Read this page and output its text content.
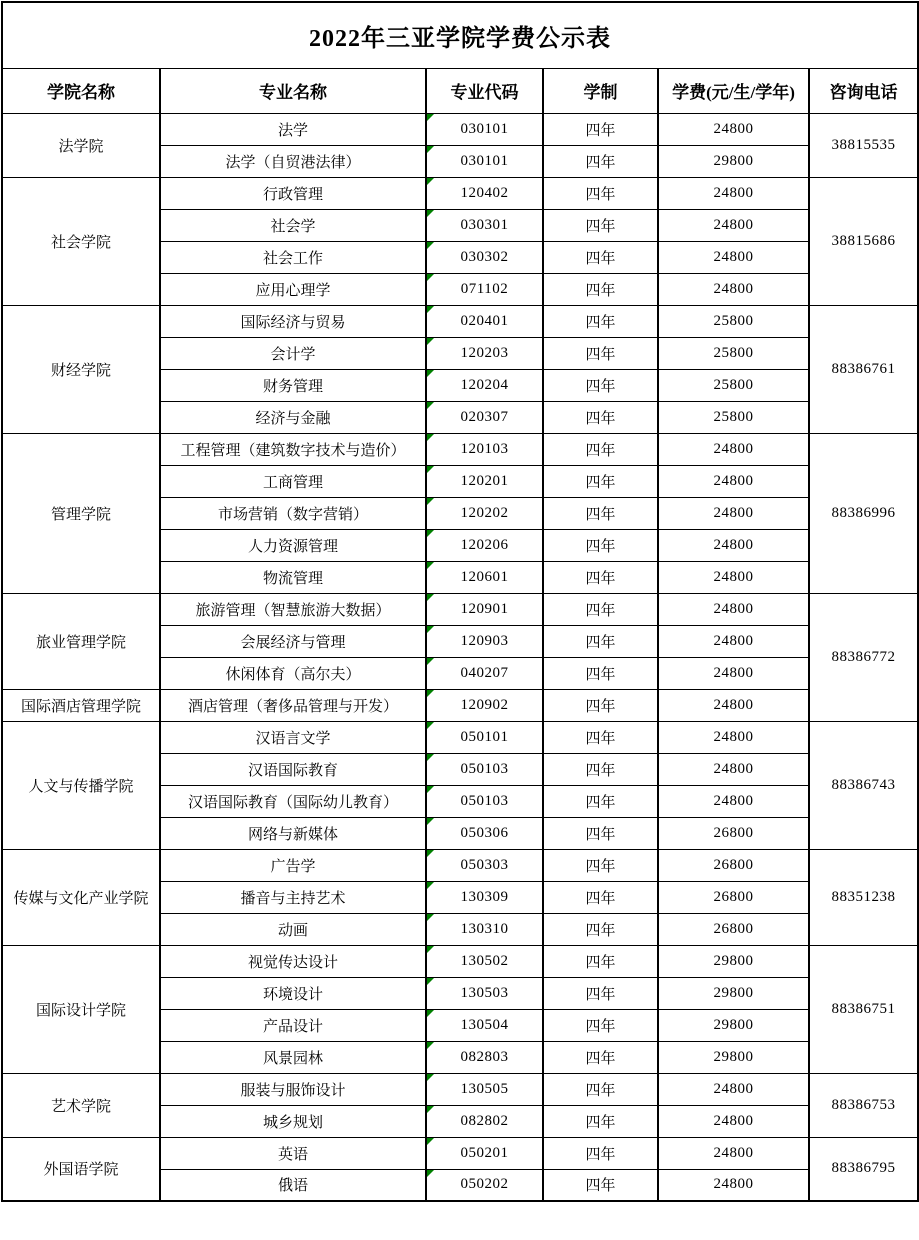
2022年三亚学院学费公示表					
学院名称	专业名称	专业代码	学制	学费(元/生/学年)	咨询电话
法学院	法学	030101	四年	24800	38815535
	法学（自贸港法律）	030101	四年	29800	
社会学院	行政管理	120402	四年	24800	38815686
	社会学	030301	四年	24800	
	社会工作	030302	四年	24800	
	应用心理学	071102	四年	24800	
财经学院	国际经济与贸易	020401	四年	25800	88386761
	会计学	120203	四年	25800	
	财务管理	120204	四年	25800	
	经济与金融	020307	四年	25800	
管理学院	工程管理（建筑数字技术与造价）	120103	四年	24800	88386996
	工商管理	120201	四年	24800	
	市场营销（数字营销）	120202	四年	24800	
	人力资源管理	120206	四年	24800	
	物流管理	120601	四年	24800	
旅业管理学院	旅游管理（智慧旅游大数据）	120901	四年	24800	88386772
	会展经济与管理	120903	四年	24800	
	休闲体育（高尔夫）	040207	四年	24800	
国际酒店管理学院	酒店管理（奢侈品管理与开发）	120902	四年	24800	
人文与传播学院	汉语言文学	050101	四年	24800	88386743
	汉语国际教育	050103	四年	24800	
	汉语国际教育（国际幼儿教育）	050103	四年	24800	
	网络与新媒体	050306	四年	26800	
传媒与文化产业学院	广告学	050303	四年	26800	88351238
	播音与主持艺术	130309	四年	26800	
	动画	130310	四年	26800	
国际设计学院	视觉传达设计	130502	四年	29800	88386751
	环境设计	130503	四年	29800	
	产品设计	130504	四年	29800	
	风景园林	082803	四年	29800	
艺术学院	服装与服饰设计	130505	四年	24800	88386753
	城乡规划	082802	四年	24800	
外国语学院	英语	050201	四年	24800	88386795
	俄语	050202	四年	24800	
